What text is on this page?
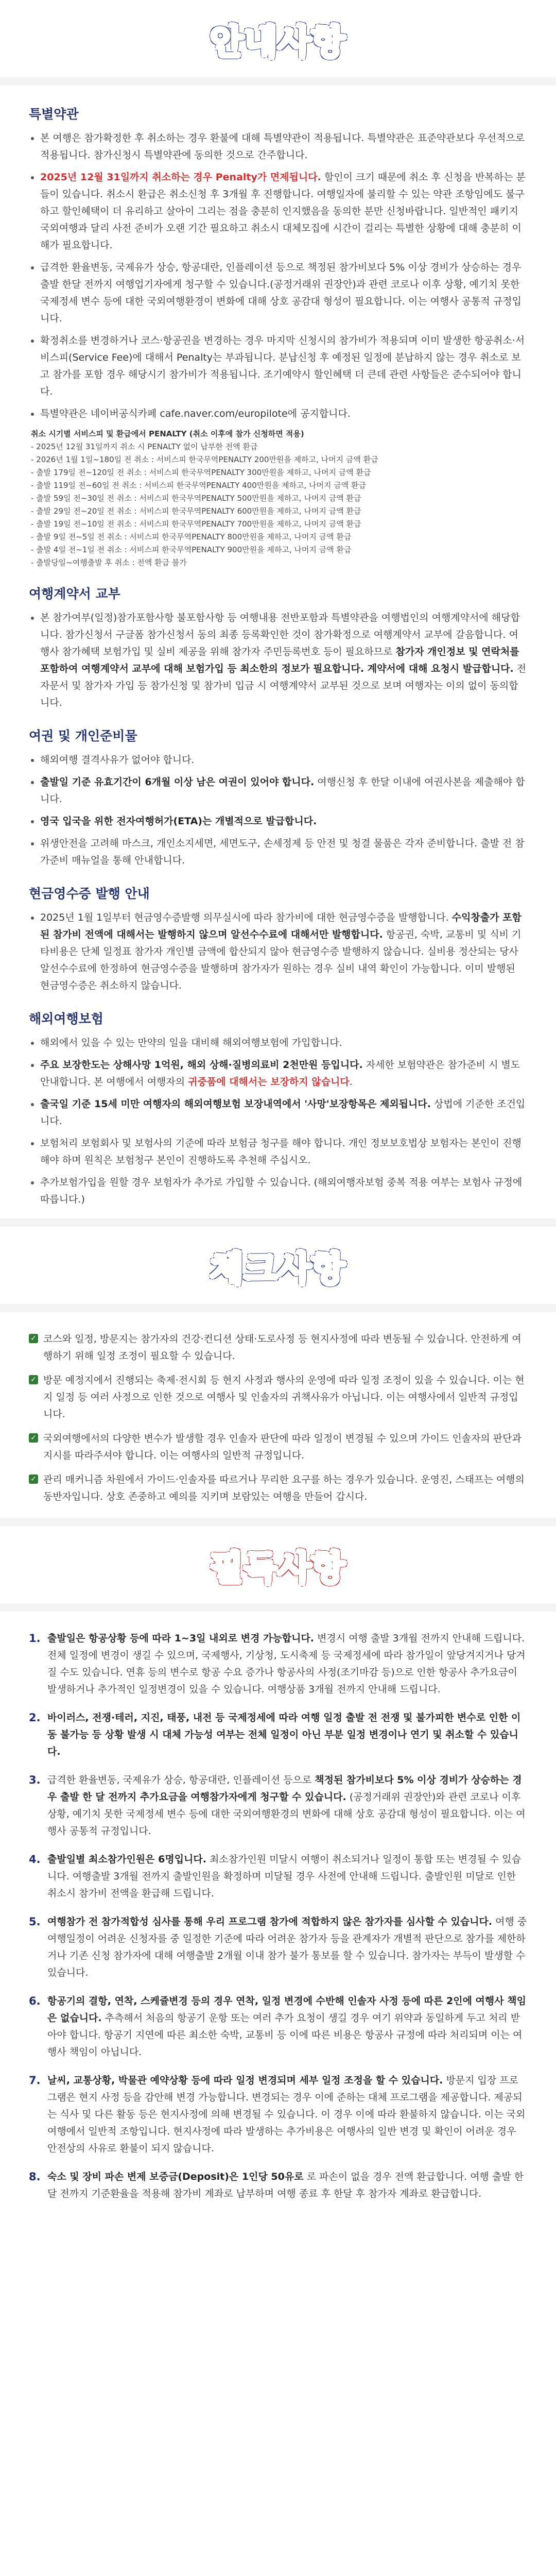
안내사항
특별약관
본 여행은 참가확정한 후 취소하는 경우 환불에 대해 특별약관이 적용됩니다. 특별약관은 표준약관보다 우선적으로 적용됩니다. 참가신청시 특별약관에 동의한 것으로 간주합니다.
2025년 12월 31일까지 취소하는 경우 Penalty가 면제됩니다. 할인이 크기 때문에 취소 후 신청을 반복하는 분들이 있습니다. 취소시 환급은 취소신청 후 3개월 후 진행합니다. 여행일자에 불리할 수 있는 약관 조항임에도 불구하고 할인혜택이 더 유리하고 살아이 그리는 점을 충분히 인지했음을 동의한 분만 신청바랍니다. 일반적인 패키지 국외여행과 달리 사전 준비가 오랜 기간 필요하고 취소시 대체모집에 시간이 걸리는 특별한 상황에 대해 충분히 이해가 필요합니다.
급격한 환율변동, 국제유가 상승, 항공대란, 인플레이션 등으로 책정된 참가비보다 5% 이상 경비가 상승하는 경우 출발 한달 전까지 여행업기자에게 청구할 수 있습니다.(공정거래위 권장안)과 관련 코로나 이후 상황, 예기치 못한 국제정세 변수 등에 대한 국외여행환경이 변화에 대해 상호 공감대 형성이 필요합니다. 이는 여행사 공통적 규정입니다.
확정취소를 변경하거나 코스·항공권을 변경하는 경우 마지막 신청시의 참가비가 적용되며 이미 발생한 항공취소·서비스피(Service Fee)에 대해서 Penalty는 부과됩니다. 분납신청 후 예정된 일정에 분납하지 않는 경우 취소로 보고 참가를 포함 경우 해당시기 참가비가 적용됩니다. 조기예약시 할인혜택 더 큰데 관련 사항들은 준수되어야 합니다.
특별약관은 네이버공식카페 cafe.naver.com/europilote에 공지합니다.
취소 시기별 서비스피 및 환급에서 PENALTY (취소 이후에 참가 신청하면 적용)
- 2025년 12월 31일까지 취소 시 PENALTY 없이 납부한 전액 환급
- 2026년 1월 1일~180일 전 취소 : 서비스피 한국무역PENALTY 200만원을 제하고, 나머지 금액 환급
- 출발 179일 전~120일 전 취소 : 서비스피 한국무역PENALTY 300만원을 제하고, 나머지 금액 환급
- 출발 119일 전~60일 전 취소 : 서비스피 한국무역PENALTY 400만원을 제하고, 나머지 금액 환급
- 출발 59일 전~30일 전 취소 : 서비스피 한국무역PENALTY 500만원을 제하고, 나머지 금액 환급
- 출발 29일 전~20일 전 취소 : 서비스피 한국무역PENALTY 600만원을 제하고, 나머지 금액 환급
- 출발 19일 전~10일 전 취소 : 서비스피 한국무역PENALTY 700만원을 제하고, 나머지 금액 환급
- 출발 9일 전~5일 전 취소 : 서비스피 한국무역PENALTY 800만원을 제하고, 나머지 금액 환급
- 출발 4일 전~1일 전 취소 : 서비스피 한국무역PENALTY 900만원을 제하고, 나머지 금액 환급
- 출발당일~여행출발 후 취소 : 전액 환급 불가
여행계약서 교부
본 참가여부(일정)참가포함사항 불포함사항 등 여행내용 전반포함과 특별약관을 여행법인의 여행계약서에 해당합니다. 참가신청서 구글폼 참가신청서 동의 최종 등록확인한 것이 참가확정으로 여행계약서 교부에 갈음합니다. 여행사 참가혜택 보험가입 및 실비 제공을 위해 참가자 주민등록번호 등이 필요하므로 참가자 개인정보 및 연락처를 포함하여 여행계약서 교부에 대해 보험가입 등 최소한의 정보가 필요합니다. 계약서에 대해 요청시 발급합니다. 전자문서 및 참가자 가입 등 참가신청 및 참가비 입금 시 여행계약서 교부된 것으로 보며 여행자는 이의 없이 동의합니다.
여권 및 개인준비물
해외여행 결격사유가 없어야 합니다.
출발일 기준 유효기간이 6개월 이상 남은 여권이 있어야 합니다. 여행신청 후 한달 이내에 여권사본을 제출해야 합니다.
영국 입국을 위한 전자여행허가(ETA)는 개별적으로 발급합니다.
위생안전을 고려해 마스크, 개인소지세면, 세면도구, 손세정제 등 안전 및 청결 물품은 각자 준비합니다. 출발 전 참가준비 매뉴얼을 통해 안내합니다.
현금영수증 발행 안내
2025년 1월 1일부터 현금영수증발행 의무실시에 따라 참가비에 대한 현금영수증을 발행합니다. 수익창출가 포함된 참가비 전액에 대해서는 발행하지 않으며 알선수수료에 대해서만 발행합니다. 항공권, 숙박, 교통비 및 식비 기타비용은 단체 일정표 참가자 개인별 금액에 합산되지 않아 현금영수증 발행하지 않습니다. 실비용 정산되는 당사 알선수수료에 한정하여 현금영수증을 발행하며 참가자가 원하는 경우 실비 내역 확인이 가능합니다. 이미 발행된 현금영수증은 취소하지 않습니다.
해외여행보험
해외에서 있을 수 있는 만약의 일을 대비해 해외여행보험에 가입합니다.
주요 보장한도는 상해사망 1억원, 해외 상해·질병의료비 2천만원 등입니다. 자세한 보험약관은 참가준비 시 별도 안내합니다. 본 여행에서 여행자의 귀중품에 대해서는 보장하지 않습니다.
출국일 기준 15세 미만 여행자의 해외여행보험 보장내역에서 '사망'보장항목은 제외됩니다. 상법에 기준한 조건입니다.
보험처리 보험회사 및 보험사의 기준에 따라 보험금 청구를 해야 합니다. 개인 정보보호법상 보험자는 본인이 진행해야 하며 원칙은 보험청구 본인이 진행하도록 추천해 주십시오.
추가보험가입을 원할 경우 보험자가 추가로 가입할 수 있습니다. (해외여행자보험 중복 적용 여부는 보험사 규정에 따릅니다.)
체크사항
✓ 코스와 일정, 방문지는 참가자의 건강·컨디션 상태·도로사정 등 현지사정에 따라 변동될 수 있습니다. 안전하게 여행하기 위해 일정 조정이 필요할 수 있습니다.
✓ 방문 예정지에서 진행되는 축제·전시회 등 현지 사정과 행사의 운영에 따라 일정 조정이 있을 수 있습니다. 이는 현지 일정 등 여러 사정으로 인한 것으로 여행사 및 인솔자의 귀책사유가 아닙니다. 이는 여행사에서 일반적 규정입니다.
✓ 국외여행에서의 다양한 변수가 발생할 경우 인솔자 판단에 따라 일정이 변경될 수 있으며 가이드 인솔자의 판단과 지시를 따라주셔야 합니다. 이는 여행사의 일반적 규정입니다.
✓ 관리 매커니즘 차원에서 가이드·인솔자를 따르거나 무리한 요구를 하는 경우가 있습니다. 운영진, 스태프는 여행의 동반자입니다. 상호 존중하고 예의를 지키며 보람있는 여행을 만들어 갑시다.
필독사항
1. 출발일은 항공상황 등에 따라 1~3일 내외로 변경 가능합니다. 변경시 여행 출발 3개월 전까지 안내해 드립니다. 전체 일정에 변경이 생길 수 있으며, 국제행사, 기상청, 도시축제 등 국제정세에 따라 참가일이 앞당겨지거나 당겨질 수도 있습니다. 연휴 등의 변수로 항공 수요 증가나 항공사의 사정(조기마감 등)으로 인한 항공사 추가요금이 발생하거나 추가적인 일정변경이 있을 수 있습니다. 여행상품 3개월 전까지 안내해 드립니다.
2. 바이러스, 전쟁·테러, 지진, 태풍, 내전 등 국제정세에 따라 여행 일정 출발 전 전쟁 및 불가피한 변수로 인한 이동 불가능 등 상황 발생 시 대체 가능성 여부는 전체 일정이 아닌 부분 일정 변경이나 연기 및 취소할 수 있습니다.
3. 급격한 환율변동, 국제유가 상승, 항공대란, 인플레이션 등으로 책정된 참가비보다 5% 이상 경비가 상승하는 경우 출발 한 달 전까지 추가요금을 여행참가자에게 청구할 수 있습니다. (공정거래위 권장안)와 관련 코로나 이후 상황, 예기치 못한 국제정세 변수 등에 대한 국외여행환경의 변화에 대해 상호 공감대 형성이 필요합니다. 이는 여행사 공통적 규정입니다.
4. 출발일별 최소참가인원은 6명입니다. 최소참가인원 미달시 여행이 취소되거나 일정이 통합 또는 변경될 수 있습니다. 여행출발 3개월 전까지 출발인원을 확정하며 미달될 경우 사전에 안내해 드립니다. 출발인원 미달로 인한 취소시 참가비 전액을 환급해 드립니다.
5. 여행참가 전 참가적합성 심사를 통해 우리 프로그램 참가에 적합하지 않은 참가자를 심사할 수 있습니다. 여행 중 여행일정이 어려운 신청자를 중 일정한 기준에 따라 어려운 참가자 등을 관계자가 개별적 판단으로 참가를 제한하거나 기존 신청 참가자에 대해 여행출발 2개월 이내 참가 불가 통보를 할 수 있습니다. 참가자는 부득이 발생할 수 있습니다.
6. 항공기의 결항, 연착, 스케쥴변경 등의 경우 연착, 일정 변경에 수반해 인솔자 사정 등에 따른 2인에 여행사 책임은 없습니다. 추측해서 처음의 항공기 운항 또는 여러 추가 요청이 생길 경우 여기 위약과 동일하게 두고 처리 받아야 합니다. 항공기 지연에 따른 최소한 숙박, 교통비 등 이에 따른 비용은 항공사 규정에 따라 처리되며 이는 여행사 책임이 아닙니다.
7. 날씨, 교통상황, 박물관 예약상황 등에 따라 일정 변경되며 세부 일정 조정을 할 수 있습니다. 방문지 입장 프로그램은 현지 사정 등을 감안해 변경 가능합니다. 변경되는 경우 이에 준하는 대체 프로그램을 제공합니다. 제공되는 식사 및 다른 활동 등은 현지사정에 의해 변경될 수 있습니다. 이 경우 이에 따라 환불하지 않습니다. 이는 국외여행에서 일반적 조항입니다. 현지사정에 따라 발생하는 추가비용은 여행사의 일반 변경 및 확인이 어려운 경우 안전상의 사유로 환불이 되지 않습니다.
8. 숙소 및 장비 파손 변제 보증금(Deposit)은 1인당 50유로 로 파손이 없을 경우 전액 환급합니다. 여행 출발 한달 전까지 기준환율을 적용해 참가비 계좌로 납부하며 여행 종료 후 한달 후 참가자 계좌로 환급합니다.
